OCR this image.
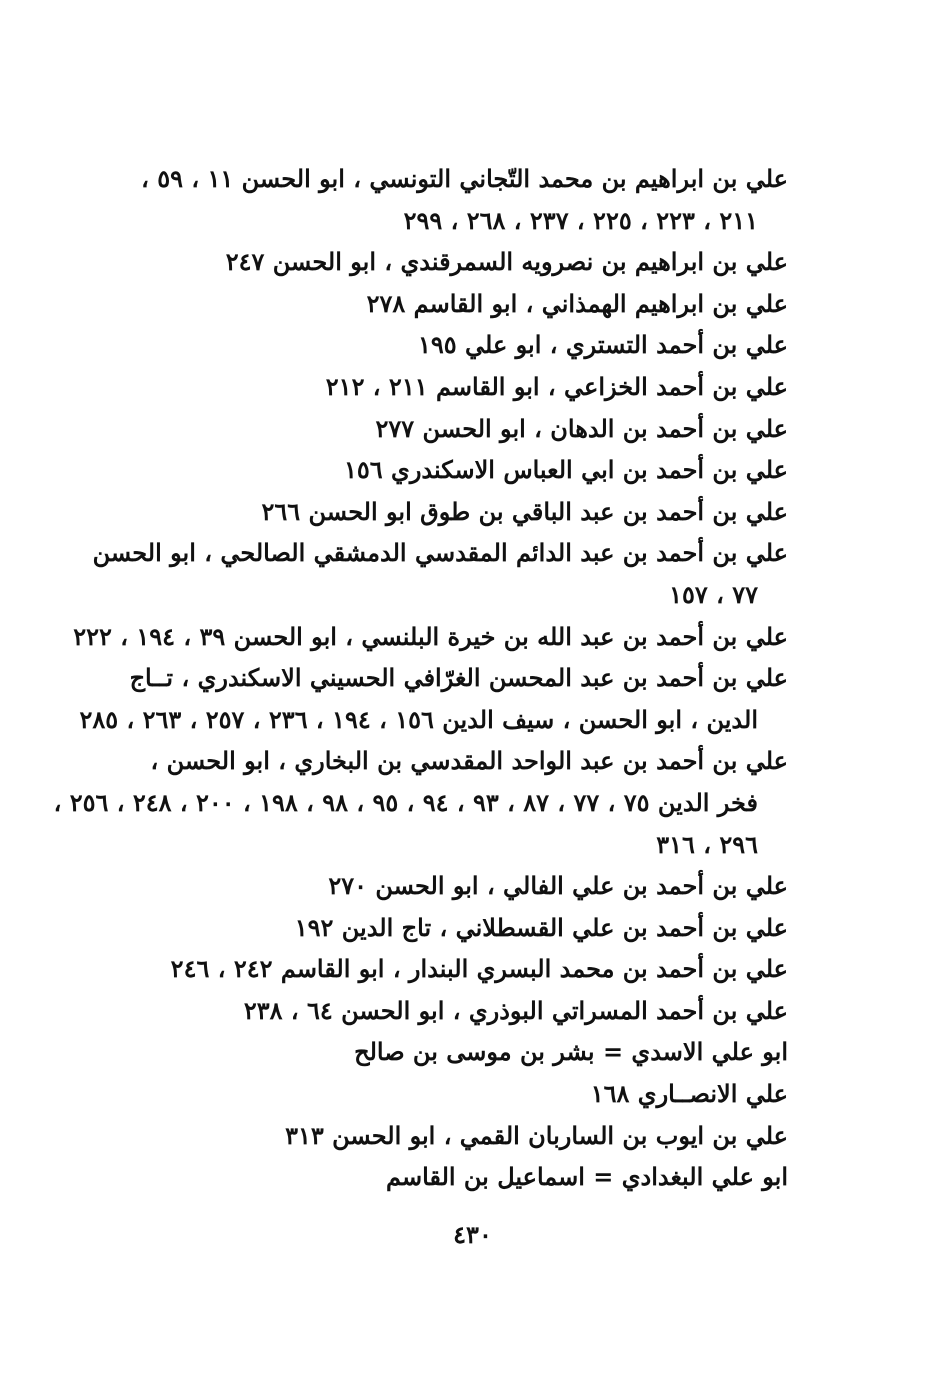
علي بن ابراهيم بن محمد التّجاني التونسي ، ابو الحسن ١١ ، ٥٩ ،
٢١١ ، ٢٢٣ ، ٢٢٥ ، ٢٣٧ ، ٢٦٨ ، ٢٩٩
علي بن ابراهيم بن نصرويه السمرقندي ، ابو الحسن ٢٤٧
علي بن ابراهيم الهمذاني ، ابو القاسم ٢٧٨
علي بن أحمد التستري ، ابو علي ١٩٥
علي بن أحمد الخزاعي ، ابو القاسم ٢١١ ، ٢١٢
علي بن أحمد بن الدهان ، ابو الحسن ٢٧٧
علي بن أحمد بن ابي العباس الاسكندري ١٥٦
علي بن أحمد بن عبد الباقي بن طوق ابو الحسن ٢٦٦
علي بن أحمد بن عبد الدائم المقدسي الدمشقي الصالحي ، ابو الحسن
٧٧ ، ١٥٧
علي بن أحمد بن عبد الله بن خيرة البلنسي ، ابو الحسن ٣٩ ، ١٩٤ ، ٢٢٢
علي بن أحمد بن عبد المحسن الغرّافي الحسيني الاسكندري ، تــاج
الدين ، ابو الحسن ، سيف الدين ١٥٦ ، ١٩٤ ، ٢٣٦ ، ٢٥٧ ، ٢٦٣ ، ٢٨٥
علي بن أحمد بن عبد الواحد المقدسي بن البخاري ، ابو الحسن ،
فخر الدين ٧٥ ، ٧٧ ، ٨٧ ، ٩٣ ، ٩٤ ، ٩٥ ، ٩٨ ، ١٩٨ ، ٢٠٠ ، ٢٤٨ ، ٢٥٦ ،
٢٩٦ ، ٣١٦
علي بن أحمد بن علي الفالي ، ابو الحسن ٢٧٠
علي بن أحمد بن علي القسطلاني ، تاج الدين ١٩٢
علي بن أحمد بن محمد البسري البندار ، ابو القاسم ٢٤٢ ، ٢٤٦
علي بن أحمد المسراتي البوذري ، ابو الحسن ٦٤ ، ٢٣٨
ابو علي الاسدي = بشر بن موسى بن صالح
علي الانصــاري ١٦٨
علي بن ايوب بن الساربان القمي ، ابو الحسن ٣١٣
ابو علي البغدادي = اسماعيل بن القاسم
٤٣٠
